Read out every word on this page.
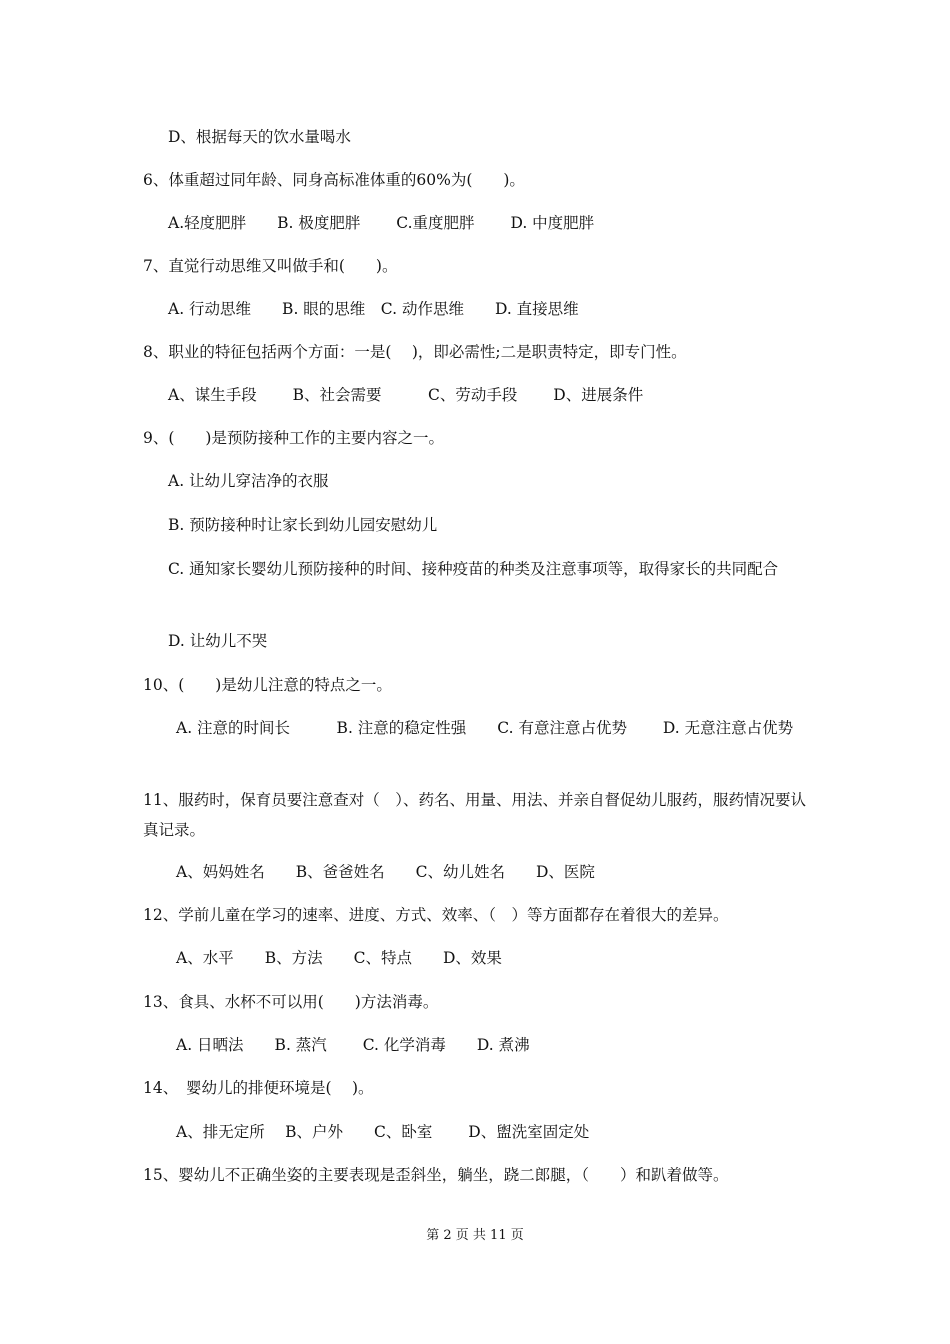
D、根据每天的饮水量喝水
6、体重超过同年龄、同身高标准体重的60%为(　　)。
A.轻度肥胖　　B. 极度肥胖　　 C.重度肥胖　　 D. 中度肥胖
7、直觉行动思维又叫做手和(　　)。
A. 行动思维　　B. 眼的思维　C. 动作思维　　D. 直接思维
8、职业的特征包括两个方面：一是(　 )，即必需性;二是职责特定，即专门性。
A、谋生手段　　 B、社会需要　　　C、劳动手段　　 D、进展条件
9、(　　)是预防接种工作的主要内容之一。
A. 让幼儿穿洁净的衣服
B. 预防接种时让家长到幼儿园安慰幼儿
C. 通知家长婴幼儿预防接种的时间、接种疫苗的种类及注意事项等，取得家长的共同配合
D. 让幼儿不哭
10、(　　)是幼儿注意的特点之一。
A. 注意的时间长　　　B. 注意的稳定性强　　C. 有意注意占优势　　 D. 无意注意占优势
11、服药时，保育员要注意查对（　）、药名、用量、用法、并亲自督促幼儿服药，服药情况要认真记录。
A、妈妈姓名　　B、爸爸姓名　　C、幼儿姓名　　D、医院
12、学前儿童在学习的速率、进度、方式、效率、（　）等方面都存在着很大的差异。
A、水平　　B、方法　　C、特点　　D、效果
13、食具、水杯不可以用(　　)方法消毒。
A. 日晒法　　B. 蒸汽　　 C. 化学消毒　　D. 煮沸
14、　婴幼儿的排便环境是(　 )。
A、排无定所　 B、户外　　C、卧室　　 D、盥洗室固定处
15、婴幼儿不正确坐姿的主要表现是歪斜坐，躺坐，跷二郎腿，（　　）和趴着做等。
第 2 页 共 11 页
